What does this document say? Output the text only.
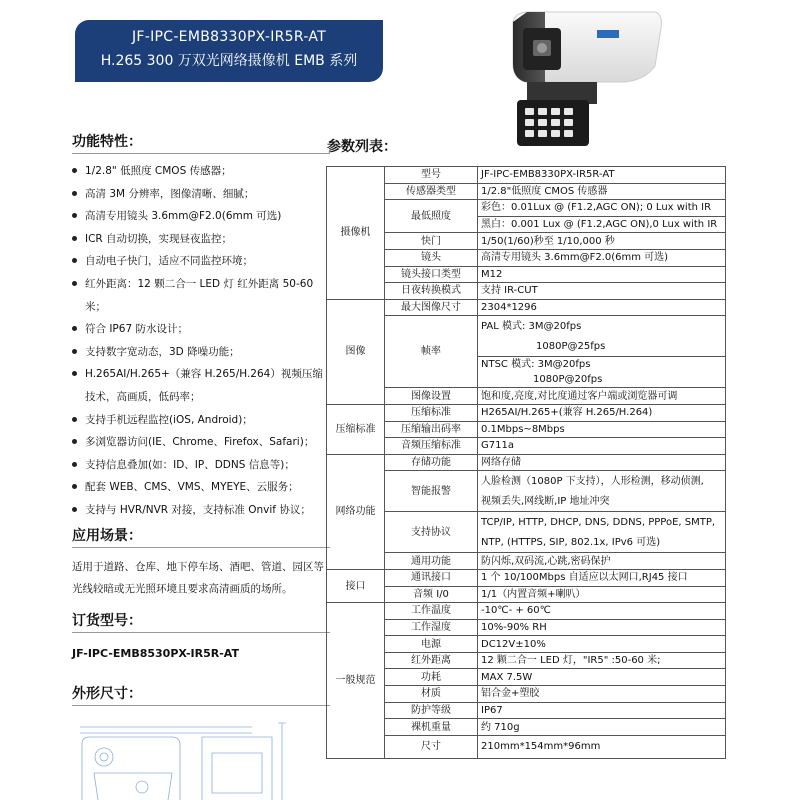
JF-IPC-EMB8330PX-IR5R-AT
H.265 300 万双光网络摄像机 EMB 系列
功能特性：
1/2.8" 低照度 CMOS 传感器；
高清 3M 分辨率，图像清晰、细腻；
高清专用镜头 3.6mm@F2.0(6mm 可选)
ICR 自动切换，实现昼夜监控；
自动电子快门，适应不同监控环境；
红外距离：12 颗二合一 LED 灯 红外距离 50-60 米；
符合 IP67 防水设计；
支持数字宽动态，3D 降噪功能；
H.265AI/H.265+（兼容 H.265/H.264）视频压缩技术，高画质，低码率；
支持手机远程监控(iOS, Android)；
多浏览器访问(IE、Chrome、Firefox、Safari)；
支持信息叠加(如：ID、IP、DDNS 信息等)；
配套 WEB、CMS、VMS、MYEYE、云服务；
支持与 HVR/NVR 对接，支持标准 Onvif 协议；
应用场景：
适用于道路、仓库、地下停车场、酒吧、管道、园区等光线较暗或无光照环境且要求高清画质的场所。
订货型号：
JF-IPC-EMB8530PX-IR5R-AT
外形尺寸：
参数列表：
摄像机	型号	JF-IPC-EMB8330PX-IR5R-AT
	传感器类型	1/2.8"低照度 CMOS 传感器
	最低照度	彩色：0.01Lux @ (F1.2,AGC ON); 0 Lux with IR
		黑白：0.001 Lux @ (F1.2,AGC ON),0 Lux with IR
	快门	1/50(1/60)秒至 1/10,000 秒
	镜头	高清专用镜头 3.6mm@F2.0(6mm 可选)
	镜头接口类型	M12
	日夜转换模式	支持 IR-CUT
图像	最大图像尺寸	2304*1296
	帧率	PAL 模式: 3M@20fps
		1080P@25fps
		NTSC 模式: 3M@20fps
		1080P@20fps
	图像设置	饱和度,亮度,对比度通过客户端或浏览器可调
压缩标准	压缩标准	H265AI/H.265+(兼容 H.265/H.264)
	压缩输出码率	0.1Mbps~8Mbps
	音频压缩标准	G711a
网络功能	存储功能	网络存储
	智能报警	人脸检测（1080P 下支持），人形检测，移动侦测,
		视频丢失,网线断,IP 地址冲突
	支持协议	TCP/IP, HTTP, DHCP, DNS, DDNS, PPPoE, SMTP,
		NTP, (HTTPS, SIP, 802.1x, IPv6 可选)
	通用功能	防闪烁,双码流,心跳,密码保护
接口	通讯接口	1 个 10/100Mbps 自适应以太网口,RJ45 接口
	音频 I/0	1/1（内置音频+喇叭）
一般规范	工作温度	-10℃- + 60℃
	工作湿度	10%-90% RH
	电源	DC12V±10%
	红外距离	12 颗二合一 LED 灯，"IR5" :50-60 米;
	功耗	MAX 7.5W
	材质	铝合金+塑胶
	防护等级	IP67
	裸机重量	约 710g
	尺寸	210mm*154mm*96mm
